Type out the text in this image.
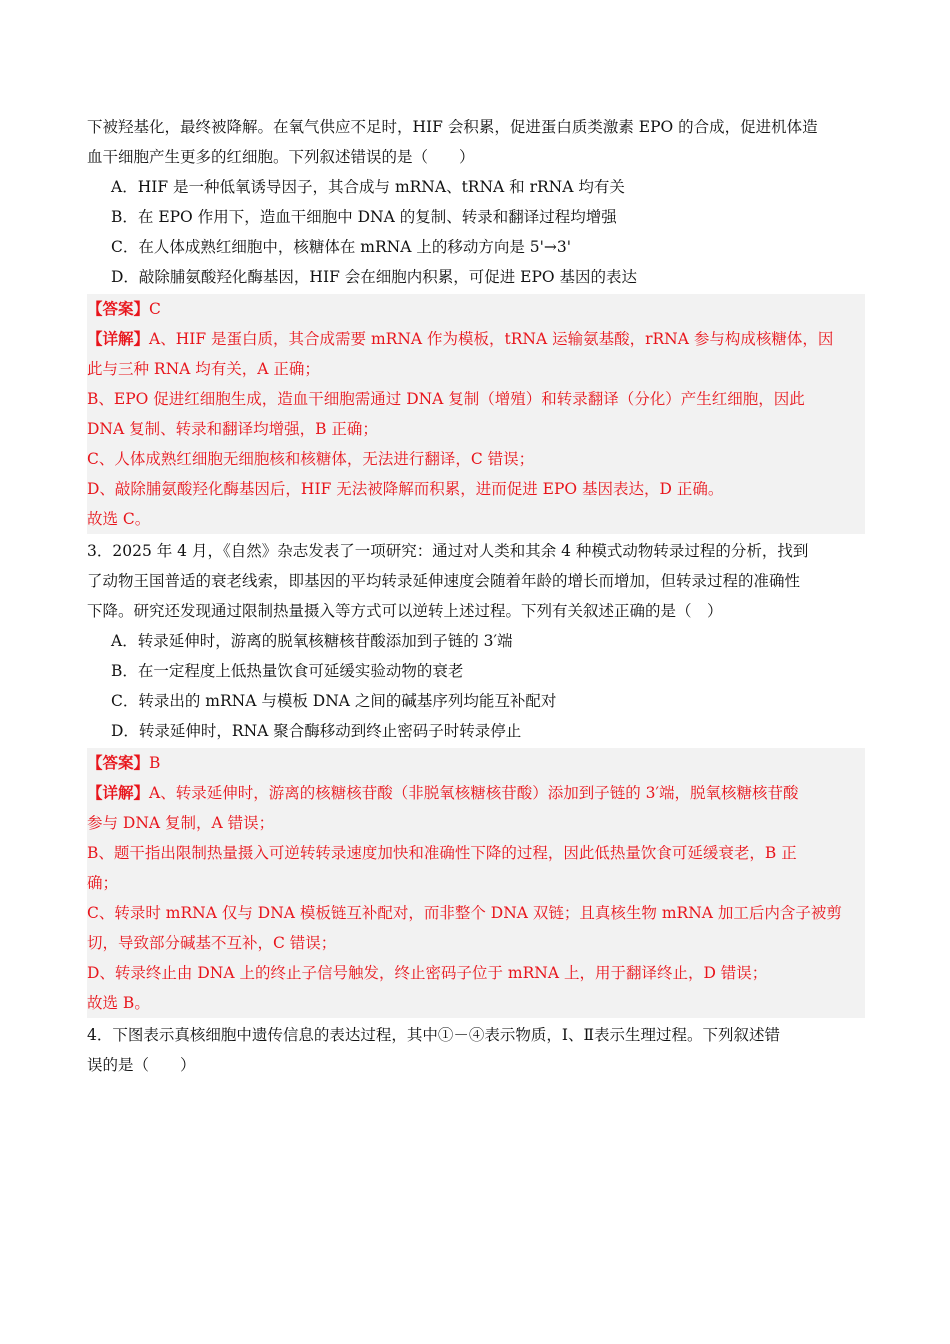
下被羟基化，最终被降解。在氧气供应不足时，HIF 会积累，促进蛋白质类激素 EPO 的合成，促进机体造
血干细胞产生更多的红细胞。下列叙述错误的是（　　）
A．HIF 是一种低氧诱导因子，其合成与 mRNA、tRNA 和 rRNA 均有关
B．在 EPO 作用下，造血干细胞中 DNA 的复制、转录和翻译过程均增强
C．在人体成熟红细胞中，核糖体在 mRNA 上的移动方向是 5'→3'
D．敲除脯氨酸羟化酶基因，HIF 会在细胞内积累，可促进 EPO 基因的表达
【答案】C
【详解】A、HIF 是蛋白质，其合成需要 mRNA 作为模板，tRNA 运输氨基酸，rRNA 参与构成核糖体，因
此与三种 RNA 均有关，A 正确；
B、EPO 促进红细胞生成，造血干细胞需通过 DNA 复制（增殖）和转录翻译（分化）产生红细胞，因此
DNA 复制、转录和翻译均增强，B 正确；
C、人体成熟红细胞无细胞核和核糖体，无法进行翻译，C 错误；
D、敲除脯氨酸羟化酶基因后，HIF 无法被降解而积累，进而促进 EPO 基因表达，D 正确。
故选 C。
3．2025 年 4 月，《自然》杂志发表了一项研究：通过对人类和其余 4 种模式动物转录过程的分析，找到
了动物王国普适的衰老线索，即基因的平均转录延伸速度会随着年龄的增长而增加，但转录过程的准确性
下降。研究还发现通过限制热量摄入等方式可以逆转上述过程。下列有关叙述正确的是（　）
A．转录延伸时，游离的脱氧核糖核苷酸添加到子链的 3′端
B．在一定程度上低热量饮食可延缓实验动物的衰老
C．转录出的 mRNA 与模板 DNA 之间的碱基序列均能互补配对
D．转录延伸时，RNA 聚合酶移动到终止密码子时转录停止
【答案】B
【详解】A、转录延伸时，游离的核糖核苷酸（非脱氧核糖核苷酸）添加到子链的 3′端，脱氧核糖核苷酸
参与 DNA 复制，A 错误；
B、题干指出限制热量摄入可逆转转录速度加快和准确性下降的过程，因此低热量饮食可延缓衰老，B 正
确；
C、转录时 mRNA 仅与 DNA 模板链互补配对，而非整个 DNA 双链；且真核生物 mRNA 加工后内含子被剪
切，导致部分碱基不互补，C 错误；
D、转录终止由 DNA 上的终止子信号触发，终止密码子位于 mRNA 上，用于翻译终止，D 错误；
故选 B。
4．下图表示真核细胞中遗传信息的表达过程，其中①－④表示物质，Ⅰ、Ⅱ表示生理过程。下列叙述错
误的是（　　）
